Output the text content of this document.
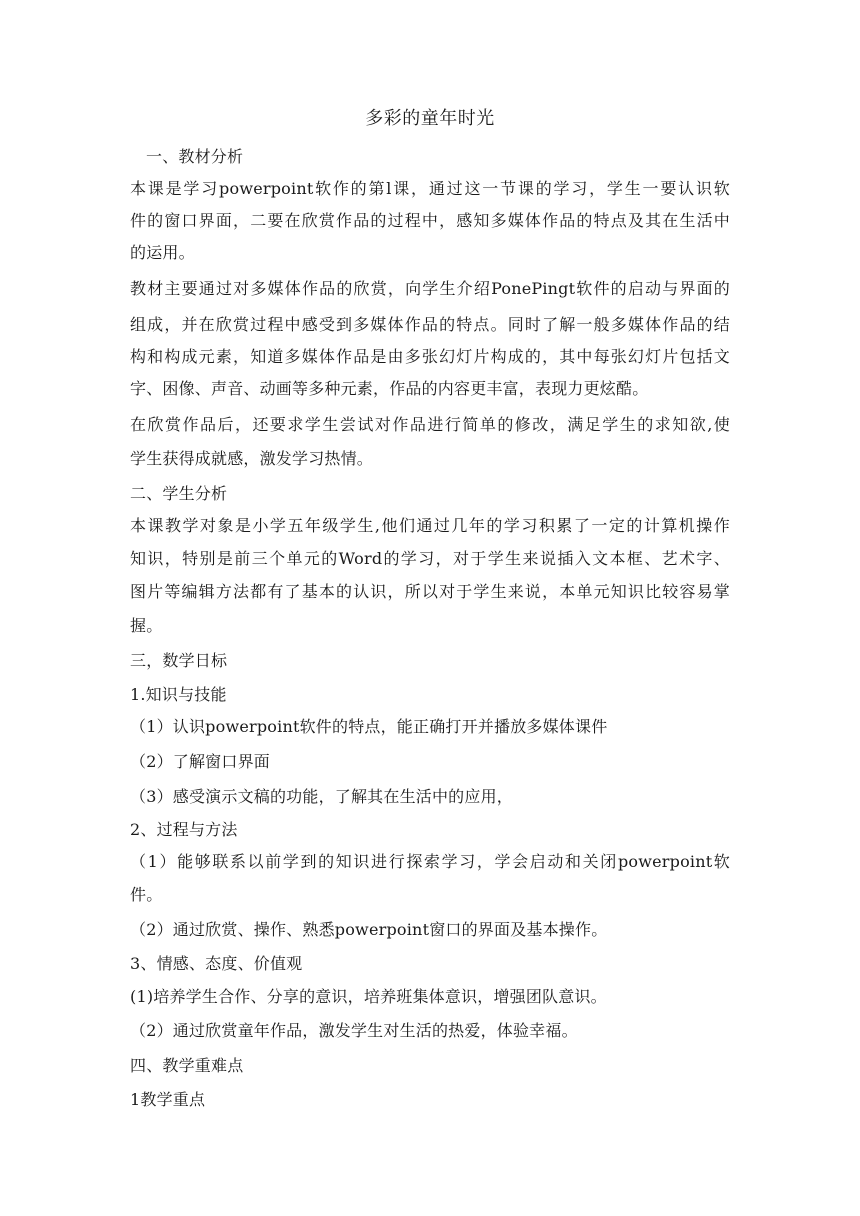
多彩的童年时光
一、教材分析
本课是学习powerpoint软作的第l课，通过这一节课的学习，学生一要认识软
件的窗口界面，二要在欣赏作品的过程中，感知多媒体作品的特点及其在生活中
的运用。
教材主要通过对多媒体作品的欣赏，向学生介绍PonePingt软件的启动与界面的
组成，并在欣赏过程中感受到多媒体作品的特点。同时了解一般多媒体作品的结
构和构成元素，知道多媒体作品是由多张幻灯片构成的，其中每张幻灯片包括文
字、困像、声音、动画等多种元素，作品的内容更丰富，表现力更炫酷。
在欣赏作品后，还要求学生尝试对作品进行简单的修改，满足学生的求知欲,使
学生获得成就感，激发学习热情。
二、学生分析
本课教学对象是小学五年级学生,他们通过几年的学习积累了一定的计算机操作
知识，特别是前三个单元的Word的学习，对于学生来说插入文本框、艺术字、
图片等编辑方法都有了基本的认识，所以对于学生来说，本单元知识比较容易掌
握。
三，数学日标
1.知识与技能
（1）认识powerpoint软件的特点，能正确打开并播放多媒体课件
（2）了解窗口界面
（3）感受演示文稿的功能，了解其在生活中的应用，
2、过程与方法
（1）能够联系以前学到的知识进行探索学习，学会启动和关闭powerpoint软
件。
（2）通过欣赏、操作、熟悉powerpoint窗口的界面及基本操作。
3、情感、态度、价值观
(1)培养学生合作、分享的意识，培养班集体意识，增强团队意识。
（2）通过欣赏童年作品，激发学生对生活的热爱，体验幸福。
四、教学重难点
1教学重点
